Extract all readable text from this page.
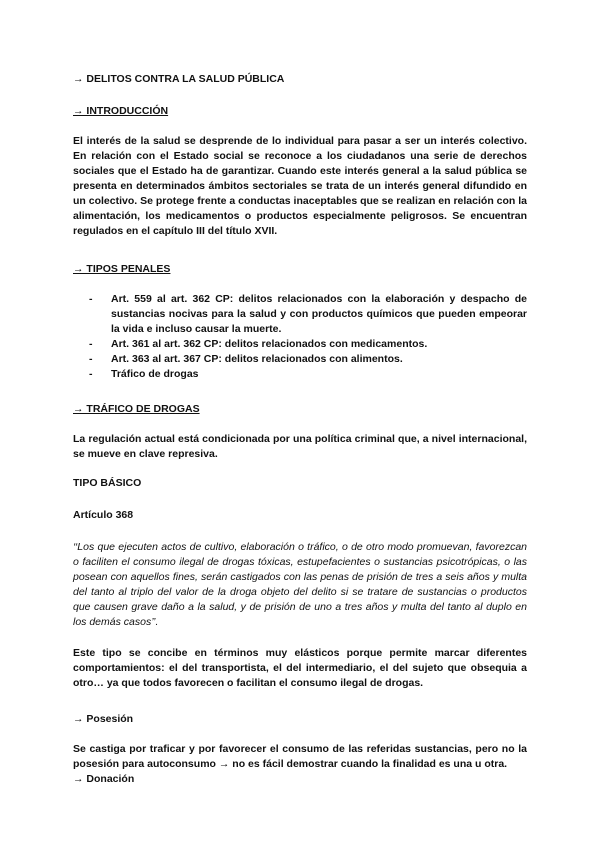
→ DELITOS CONTRA LA SALUD PÚBLICA

→ INTRODUCCIÓN

El interés de la salud se desprende de lo individual para pasar a ser un interés colectivo. En relación con el Estado social se reconoce a los ciudadanos una serie de derechos sociales que el Estado ha de garantizar. Cuando este interés general a la salud pública se presenta en determinados ámbitos sectoriales se trata de un interés general difundido en un colectivo. Se protege frente a conductas inaceptables que se realizan en relación con la alimentación, los medicamentos o productos especialmente peligrosos. Se encuentran regulados en el capítulo III del título XVII.

→ TIPOS PENALES

- Art. 559 al art. 362 CP: delitos relacionados con la elaboración y despacho de sustancias nocivas para la salud y con productos químicos que pueden empeorar la vida e incluso causar la muerte.
- Art. 361 al art. 362 CP: delitos relacionados con medicamentos.
- Art. 363 al art. 367 CP: delitos relacionados con alimentos.
- Tráfico de drogas

→ TRÁFICO DE DROGAS

La regulación actual está condicionada por una política criminal que, a nivel internacional, se mueve en clave represiva.

TIPO BÁSICO

Artículo 368

‘‘Los que ejecuten actos de cultivo, elaboración o tráfico, o de otro modo promuevan, favorezcan o faciliten el consumo ilegal de drogas tóxicas, estupefacientes o sustancias psicotrópicas, o las posean con aquellos fines, serán castigados con las penas de prisión de tres a seis años y multa del tanto al triplo del valor de la droga objeto del delito si se tratare de sustancias o productos que causen grave daño a la salud, y de prisión de uno a tres años y multa del tanto al duplo en los demás casos’’.

Este tipo se concibe en términos muy elásticos porque permite marcar diferentes comportamientos: el del transportista, el del intermediario, el del sujeto que obsequia a otro… ya que todos favorecen o facilitan el consumo ilegal de drogas.

→ Posesión

Se castiga por traficar y por favorecer el consumo de las referidas sustancias, pero no la posesión para autoconsumo → no es fácil demostrar cuando la finalidad es una u otra.

→ Donación
